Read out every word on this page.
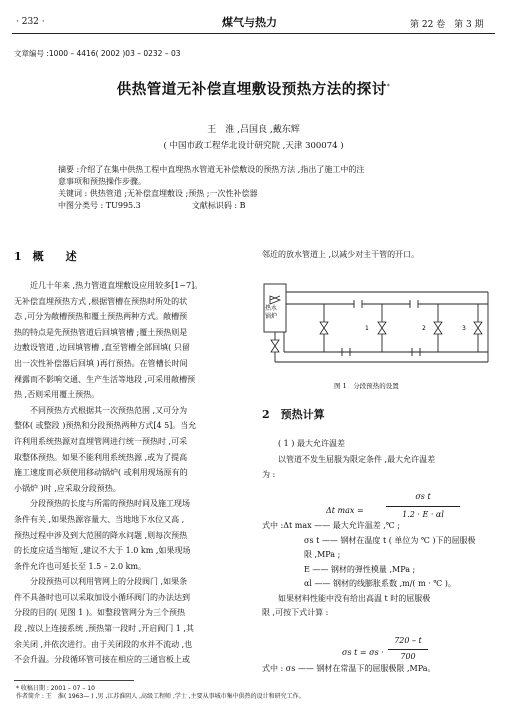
· 232 ·	煤气与热力	第 22 卷　第 3 期
文章编号 :1000 – 4416( 2002 )03 – 0232 – 03
供热管道无补偿直埋敷设预热方法的探讨*
王　淮 ,吕国良 ,戴东辉
( 中国市政工程华北设计研究院 ,天津 300074 )
摘要 :介绍了在集中供热工程中直埋热水管道无补偿敷设的预热方法 ,指出了施工中的注
意事项和预热操作步骤。
关键词 : 供热管道 ;无补偿直埋敷设 ;预热 ;一次性补偿器
中图分类号 : TU995.3	文献标识码 : B
1　概　　述

近几十年来 ,热力管道直埋敷设应用较多[1~7]。

无补偿直埋预热方式 ,根据管槽在预热时所处的状

态 ,可分为敞槽预热和覆土预热两种方式。敞槽预

热的特点是先预热管道后回填管槽 ;覆土预热则是

边敷设管道 ,边回填管槽 ,直至管槽全部回填( 只留

出一次性补偿器后回填 )再行预热。在管槽长时间

裸露而不影响交通、生产生活等地段 ,可采用敞槽预

热 ,否则采用覆土预热。

不同预热方式根据其一次预热范围 ,又可分为

整体( 或整段 )预热和分段预热两种方式[4 5]。当允

许利用系统热源对直埋管网进行统一预热时 ,可采

取整体预热。如果不能利用系统热源 ,或为了提高

施工速度而必须使用移动锅炉( 或利用现场原有的

小锅炉 )时 ,应采取分段预热。

分段预热的长度与所需的预热时间及施工现场

条件有关 ,如果热源容量大、当地地下水位又高 ,

预热过程中涉及到大范围的降水问题 ,则每次预热

的长度应适当缩短 ,建议不大于 1.0 km ,如果现场

条件允许也可延长至 1.5 – 2.0 km。

分段预热可以利用管网上的分段阀门 ,如果条

件不具备时也可以采取加设小循环阀门的办法达到

分段的目的( 见图 1 )。如整段管网分为三个预热

段 ,按以上连接系统 ,预热第一段时 ,开启阀门 1 ,其

余关闭 ,并依次进行。由于关闭段的水并不流动 ,也

不会升温。分段循环管可接在相应的三通盲板上或

邻近的放水管道上 ,以减少对主干管的开口。

热水
锅炉
1	2	3
图 1　分段预热的设置
2　预热计算

( 1 ) 最大允许温差

以管道不发生屈服为限定条件 ,最大允许温差

为 :

Δt max =
σs t
1.2 · E · αl

式中 :Δt max —— 最大允许温差 ,℃ ;

σs t —— 钢材在温度 t ( 单位为 ℃ )下的屈服极

限 ,MPa ;

E —— 钢材的弹性模量 ,MPa ;

αl —— 钢材的线膨胀系数 ,m/( m · ℃ )。

如果材料性能中没有给出高温 t 时的屈服极

限 ,可按下式计算 :

σs t = σs ·
720 – t
700

式中 : σs —— 钢材在常温下的屈服极限 ,MPa。

* 收稿日期 : 2001 – 07 – 10
作者简介 : 王　淮( 1963— ) ,男 ,江苏淮阴人 ,高级工程师 ,学士 ,主要从事城市集中供热的设计和研究工作。
